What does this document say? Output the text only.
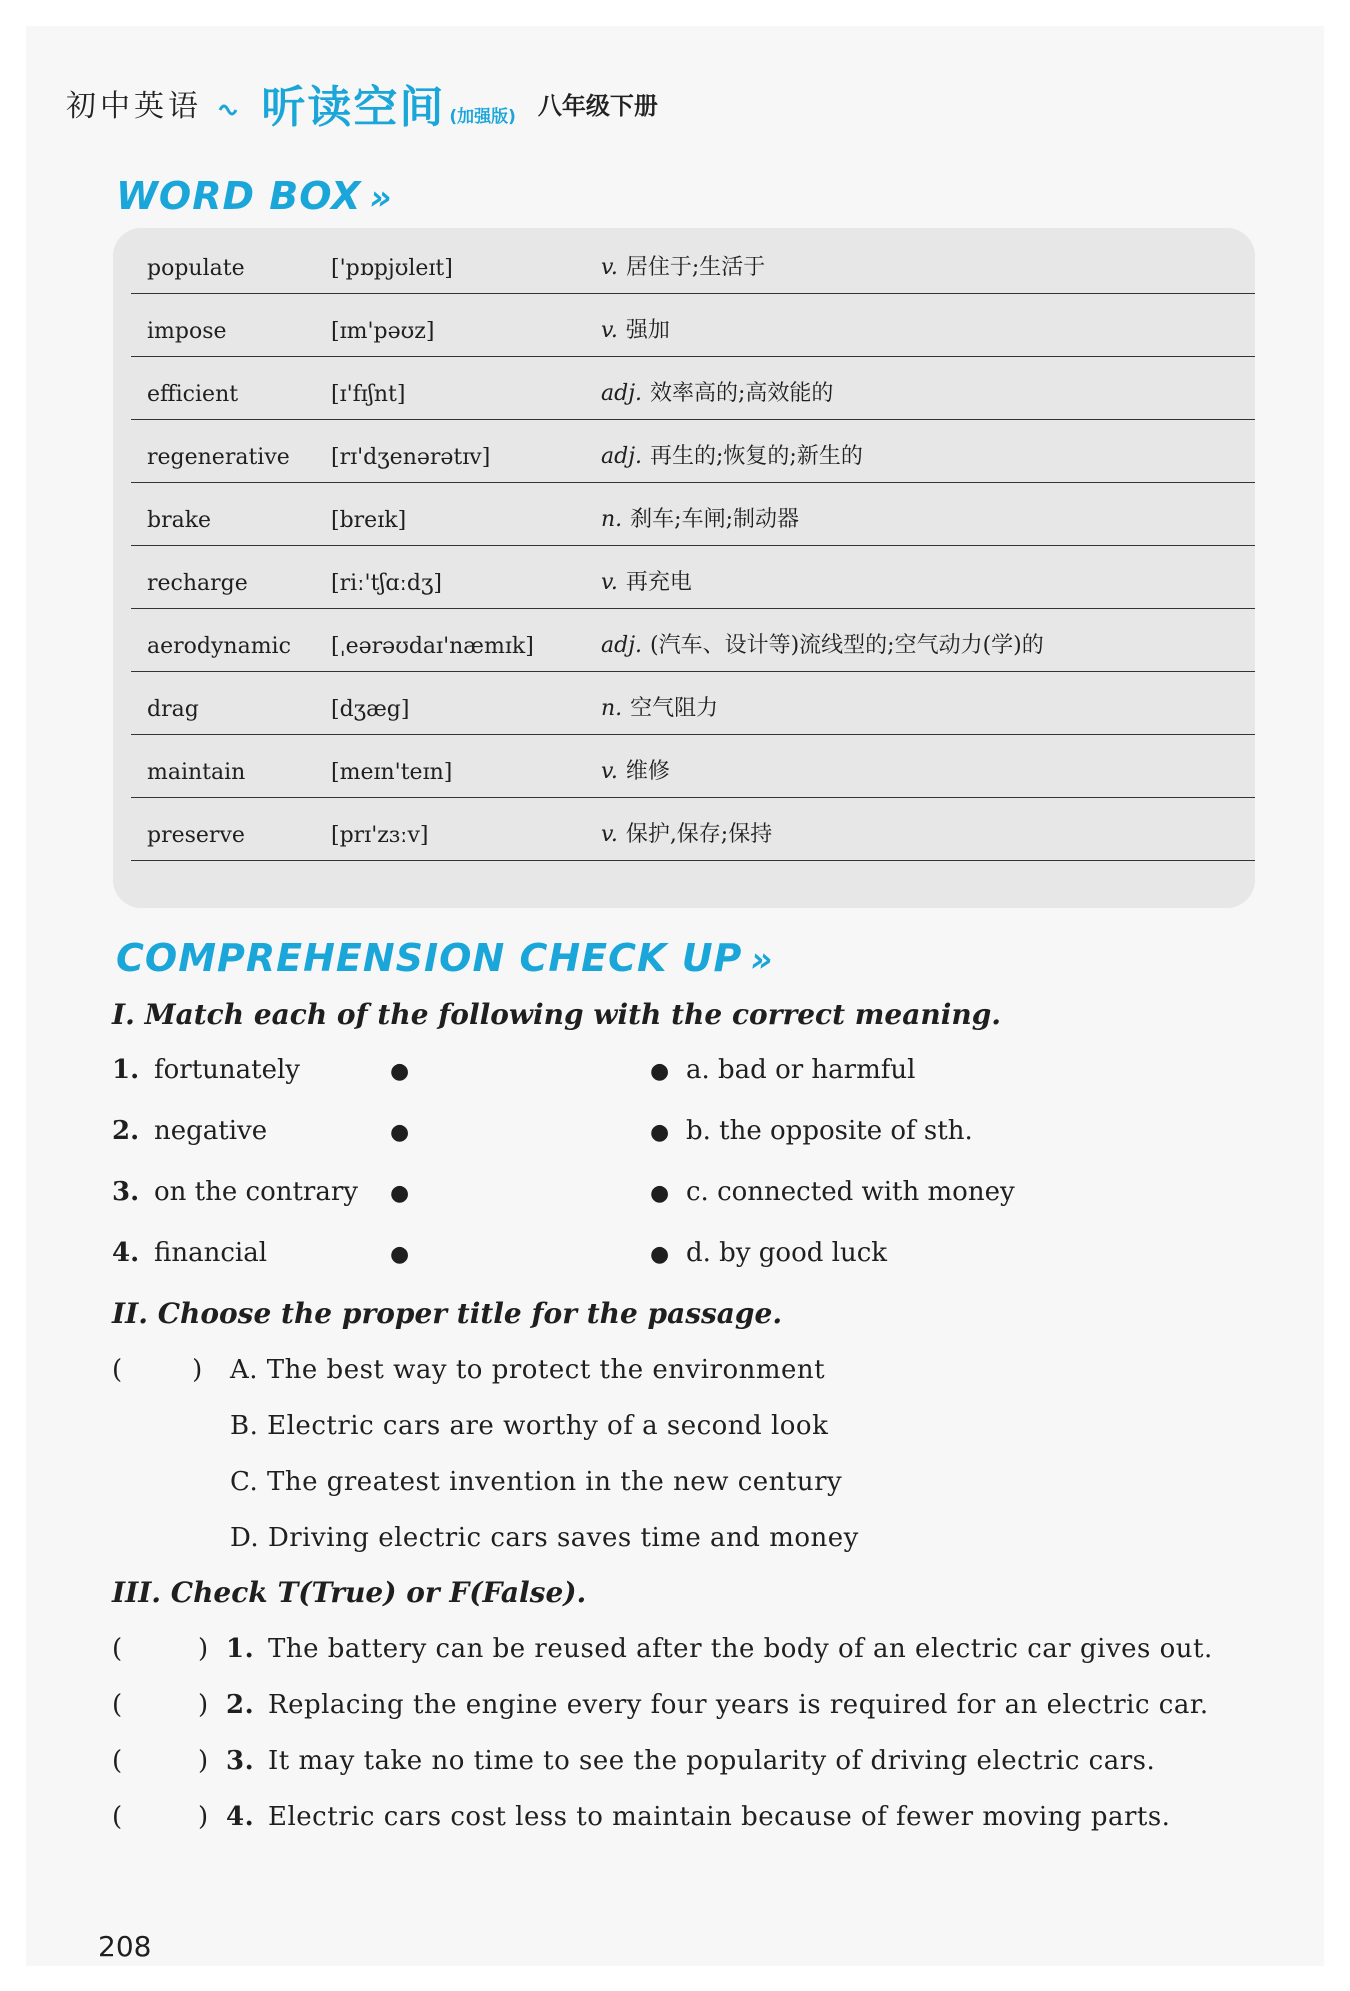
初中英语	听读空间 (加强版) 八年级下册
WORD BOX »
populate	['pɒpjʊleɪt]	v. 居住于;生活于
impose	[ɪm'pəʊz]	v. 强加
efficient	[ɪ'fɪʃnt]	adj. 效率高的;高效能的
regenerative [rɪ'dʒenərətɪv]	adj. 再生的;恢复的;新生的
brake	[breɪk]	n. 刹车;车闸;制动器
recharge	[riː'tʃɑːdʒ]	v. 再充电
aerodynamic [ˌeərəʊdaɪ'næmɪk]	adj. (汽车、设计等)流线型的;空气动力(学)的
drag	[dʒæg]	n. 空气阻力
maintain	[meɪn'teɪn]	v. 维修
preserve	[prɪ'zɜːv]	v. 保护,保存;保持
COMPREHENSION CHECK UP »
I. Match each of the following with the correct meaning.
1. fortunately	●	● a. bad or harmful
2. negative	●	● b. the opposite of sth.
3. on the contrary ●	● c. connected with money
4. financial	●	● d. by good luck
II. Choose the proper title for the passage.
(	) A. The best way to protect the environment
B. Electric cars are worthy of a second look
C. The greatest invention in the new century
D. Driving electric cars saves time and money
III. Check T(True) or F(False).
(	) 1. The battery can be reused after the body of an electric car gives out.
(	) 2. Replacing the engine every four years is required for an electric car.
(	) 3. It may take no time to see the popularity of driving electric cars.
(	) 4. Electric cars cost less to maintain because of fewer moving parts.
208
